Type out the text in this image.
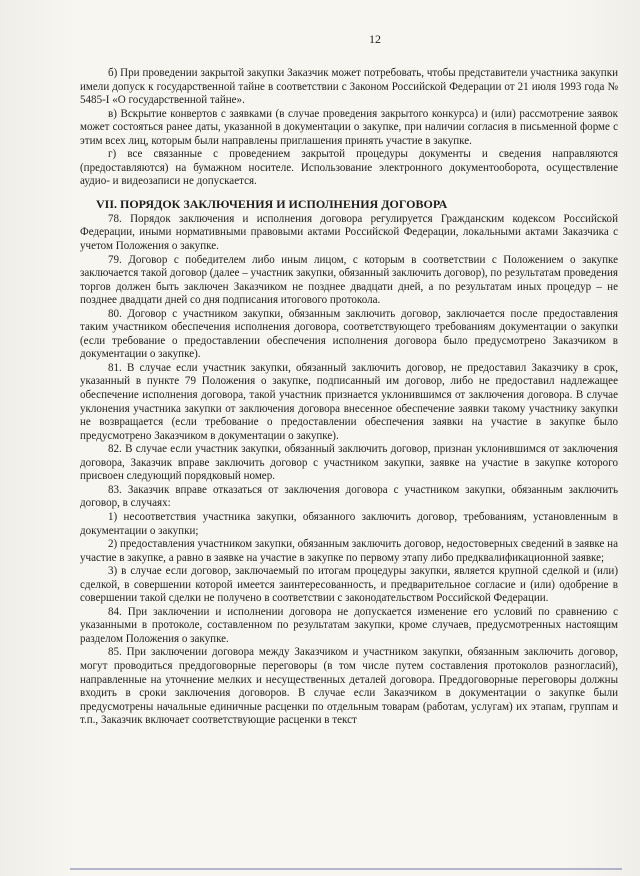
12

б) При проведении закрытой закупки Заказчик может потребовать, чтобы представители участника закупки имели допуск к государственной тайне в соответствии с Законом Российской Федерации от 21 июля 1993 года № 5485-I «О государственной тайне».

в) Вскрытие конвертов с заявками (в случае проведения закрытого конкурса) и (или) рассмотрение заявок может состояться ранее даты, указанной в документации о закупке, при наличии согласия в письменной форме с этим всех лиц, которым были направлены приглашения принять участие в закупке.

г) все связанные с проведением закрытой процедуры документы и сведения направляются (предоставляются) на бумажном носителе. Использование электронного документооборота, осуществление аудио- и видеозаписи не допускается.

VII. ПОРЯДОК ЗАКЛЮЧЕНИЯ И ИСПОЛНЕНИЯ ДОГОВОРА

78. Порядок заключения и исполнения договора регулируется Гражданским кодексом Российской Федерации, иными нормативными правовыми актами Российской Федерации, локальными актами Заказчика с учетом Положения о закупке.

79. Договор с победителем либо иным лицом, с которым в соответствии с Положением о закупке заключается такой договор (далее – участник закупки, обязанный заключить договор), по результатам проведения торгов должен быть заключен Заказчиком не позднее двадцати дней, а по результатам иных процедур – не позднее двадцати дней со дня подписания итогового протокола.

80. Договор с участником закупки, обязанным заключить договор, заключается после предоставления таким участником обеспечения исполнения договора, соответствующего требованиям документации о закупки (если требование о предоставлении обеспечения исполнения договора было предусмотрено Заказчиком в документации о закупке).

81. В случае если участник закупки, обязанный заключить договор, не предоставил Заказчику в срок, указанный в пункте 79 Положения о закупке, подписанный им договор, либо не предоставил надлежащее обеспечение исполнения договора, такой участник признается уклонившимся от заключения договора. В случае уклонения участника закупки от заключения договора внесенное обеспечение заявки такому участнику закупки не возвращается (если требование о предоставлении обеспечения заявки на участие в закупке было предусмотрено Заказчиком в документации о закупке).

82. В случае если участник закупки, обязанный заключить договор, признан уклонившимся от заключения договора, Заказчик вправе заключить договор с участником закупки, заявке на участие в закупке которого присвоен следующий порядковый номер.

83. Заказчик вправе отказаться от заключения договора с участником закупки, обязанным заключить договор, в случаях:

1) несоответствия участника закупки, обязанного заключить договор, требованиям, установленным в документации о закупки;

2) предоставления участником закупки, обязанным заключить договор, недостоверных сведений в заявке на участие в закупке, а равно в заявке на участие в закупке по первому этапу либо предквалификационной заявке;

3) в случае если договор, заключаемый по итогам процедуры закупки, является крупной сделкой и (или) сделкой, в совершении которой имеется заинтересованность, и предварительное согласие и (или) одобрение в совершении такой сделки не получено в соответствии с законодательством Российской Федерации.

84. При заключении и исполнении договора не допускается изменение его условий по сравнению с указанными в протоколе, составленном по результатам закупки, кроме случаев, предусмотренных настоящим разделом Положения о закупке.

85. При заключении договора между Заказчиком и участником закупки, обязанным заключить договор, могут проводиться преддоговорные переговоры (в том числе путем составления протоколов разногласий), направленные на уточнение мелких и несущественных деталей договора. Преддоговорные переговоры должны входить в сроки заключения договоров. В случае если Заказчиком в документации о закупке были предусмотрены начальные единичные расценки по отдельным товарам (работам, услугам) их этапам, группам и т.п., Заказчик включает соответствующие расценки в текст
